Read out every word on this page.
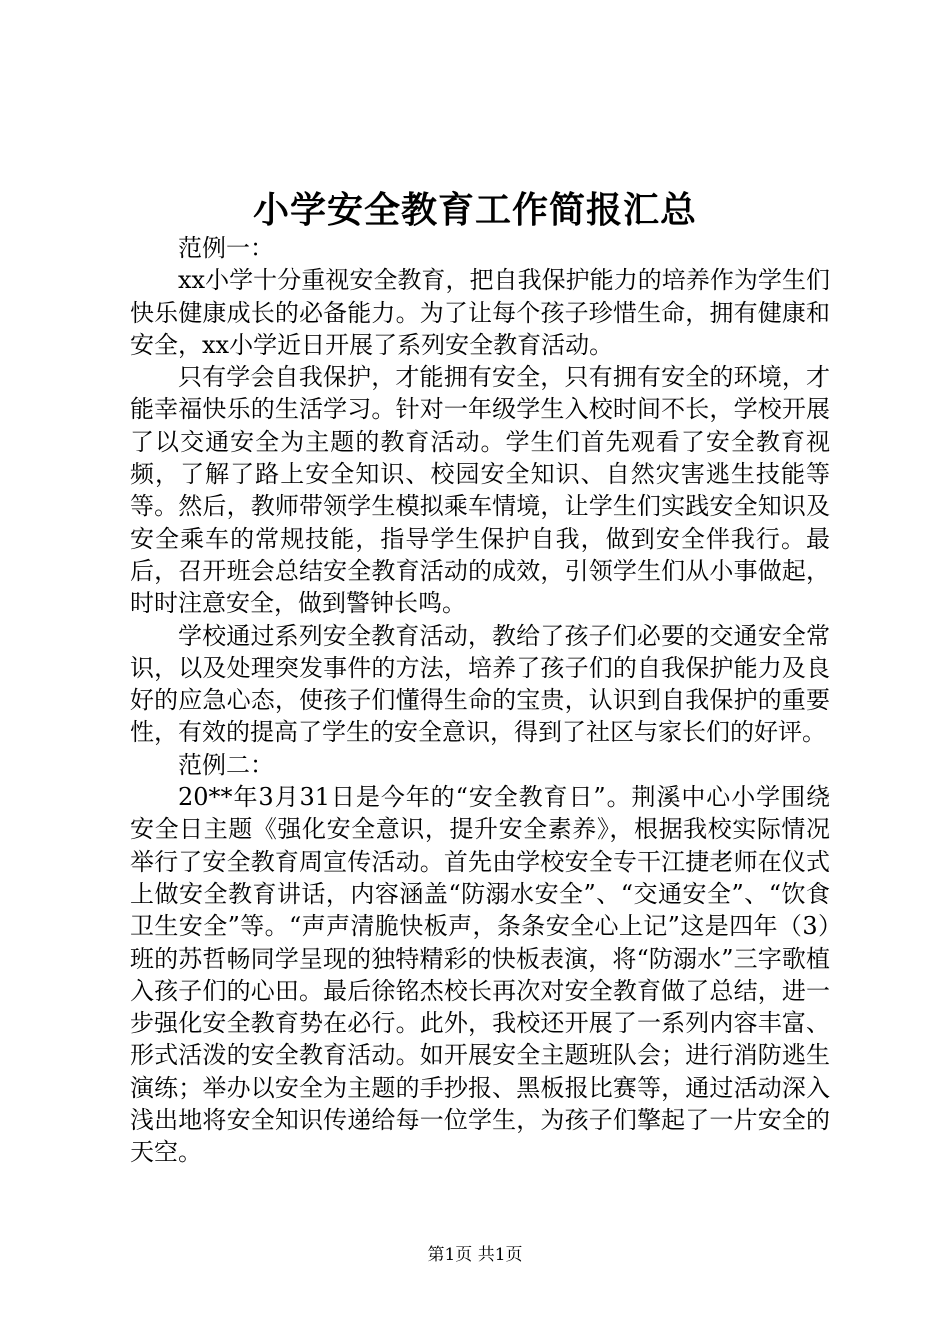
小学安全教育工作简报汇总

范例一：

xx小学十分重视安全教育，把自我保护能力的培养作为学生们快乐健康成长的必备能力。为了让每个孩子珍惜生命，拥有健康和安全，xx小学近日开展了系列安全教育活动。

只有学会自我保护，才能拥有安全，只有拥有安全的环境，才能幸福快乐的生活学习。针对一年级学生入校时间不长，学校开展了以交通安全为主题的教育活动。学生们首先观看了安全教育视频，了解了路上安全知识、校园安全知识、自然灾害逃生技能等等。然后，教师带领学生模拟乘车情境，让学生们实践安全知识及安全乘车的常规技能，指导学生保护自我，做到安全伴我行。最后，召开班会总结安全教育活动的成效，引领学生们从小事做起，时时注意安全，做到警钟长鸣。

学校通过系列安全教育活动，教给了孩子们必要的交通安全常识，以及处理突发事件的方法，培养了孩子们的自我保护能力及良好的应急心态，使孩子们懂得生命的宝贵，认识到自我保护的重要性，有效的提高了学生的安全意识，得到了社区与家长们的好评。

范例二：

20**年3月31日是今年的“安全教育日”。荆溪中心小学围绕安全日主题《强化安全意识，提升安全素养》，根据我校实际情况举行了安全教育周宣传活动。首先由学校安全专干江捷老师在仪式上做安全教育讲话，内容涵盖“防溺水安全”、“交通安全”、“饮食卫生安全”等。“声声清脆快板声，条条安全心上记”这是四年（3）班的苏哲畅同学呈现的独特精彩的快板表演，将“防溺水”三字歌植入孩子们的心田。最后徐铭杰校长再次对安全教育做了总结，进一步强化安全教育势在必行。此外，我校还开展了一系列内容丰富、形式活泼的安全教育活动。如开展安全主题班队会；进行消防逃生演练；举办以安全为主题的手抄报、黑板报比赛等，通过活动深入浅出地将安全知识传递给每一位学生，为孩子们擎起了一片安全的天空。

第1页 共1页
